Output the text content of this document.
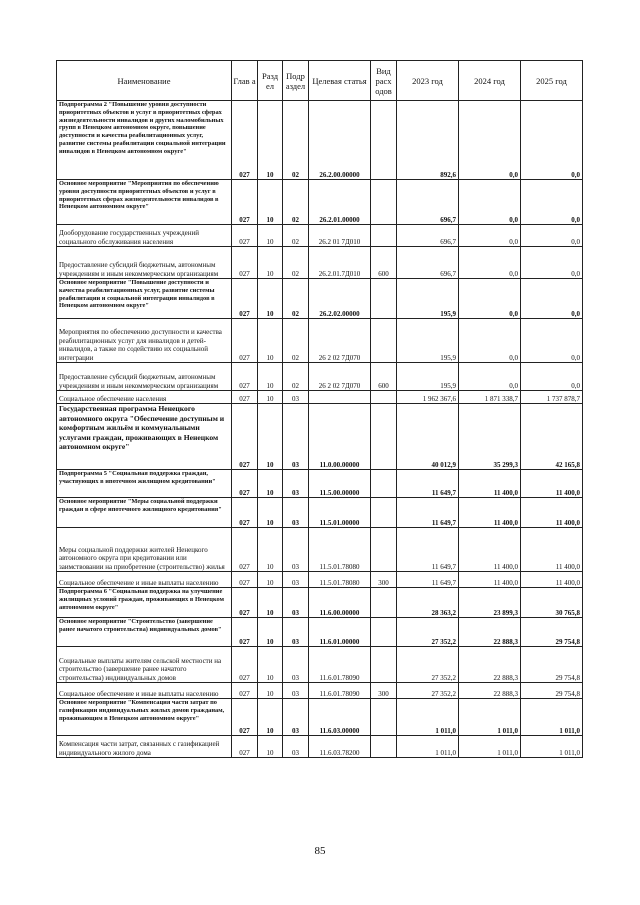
Наименование	Глав а	Разд ел	Подр аздел	Целевая статья	Вид расх одов	2023 год	2024 год	2025 год
Подпрограмма 2 "Повышение уровня доступности приоритетных объектов и услуг в приоритетных сферах жизнедеятельности инвалидов и других маломобильных групп в Ненецком автономном округе, повышение доступности и качества реабилитационных услуг, развитие системы реабилитации социальной интеграции инвалидов в Ненецком автономном округе"	027	10	02	26.2.00.00000		892,6	0,0	0,0
Основное мероприятие "Мероприятия по обеспечению уровня доступности приоритетных объектов и услуг в приоритетных сферах жизнедеятельности инвалидов в Ненецком автономном округе"	027	10	02	26.2.01.00000		696,7	0,0	0,0
Дооборудование государственных учреждений социального обслуживания населения	027	10	02	26.2 01 7Д010		696,7	0,0	0,0
Предоставление субсидий бюджетным, автономным учреждениям и иным некоммерческим организациям	027	10	02	26.2.01.7Д010	600	696,7	0,0	0,0
Основное мероприятие "Повышение доступности и качества реабилитационных услуг, развитие системы реабилитации и социальной интеграции инвалидов в Ненецком автономном округе"	027	10	02	26.2.02.00000		195,9	0,0	0,0
Мероприятия по обеспечению доступности и качества реабилитационных услуг для инвалидов и детей-инвалидов, а также по содействию их социальной интеграции	027	10	02	26 2 02 7Д070		195,9	0,0	0,0
Предоставление субсидий бюджетным, автономным учреждениям и иным некоммерческим организациям	027	10	02	26 2 02 7Д070	600	195,9	0,0	0,0
Социальное обеспечение населения	027	10	03			1 962 367,6	1 871 338,7	1 737 878,7
Государственная программа Ненецкого автономного округа "Обеспечение доступным и комфортным жильём и коммунальными услугами граждан, проживающих в Ненецком автономном округе"	027	10	03	11.0.00.00000		40 012,9	35 299,3	42 165,8
Подпрограмма 5 "Социальная поддержка граждан, участвующих в ипотечном жилищном кредитовании"	027	10	03	11.5.00.00000		11 649,7	11 400,0	11 400,0
Основное мероприятие "Меры социальной поддержки граждан в сфере ипотечного жилищного кредитования"	027	10	03	11.5.01.00000		11 649,7	11 400,0	11 400,0
Меры социальной поддержки жителей Ненецкого автономного округа при кредитовании или заимствовании на приобретение (строительство) жилья	027	10	03	11.5.01.78080		11 649,7	11 400,0	11 400,0
Социальное обеспечение и иные выплаты населению	027	10	03	11.5.01.78080	300	11 649,7	11 400,0	11 400,0
Подпрограмма 6 "Социальная поддержка на улучшение жилищных условий граждан, проживающих в Ненецком автономном округе"	027	10	03	11.6.00.00000		28 363,2	23 899,3	30 765,8
Основное мероприятие "Строительство (завершение ранее начатого строительства) индивидуальных домов"	027	10	03	11.6.01.00000		27 352,2	22 888,3	29 754,8
Социальные выплаты жителям сельской местности на строительство (завершение ранее начатого строительства) индивидуальных домов	027	10	03	11.6.01.78090		27 352,2	22 888,3	29 754,8
Социальное обеспечение и иные выплаты населению	027	10	03	11.6.01.78090	300	27 352,2	22 888,3	29 754,8
Основное мероприятие "Компенсация части затрат по газификации индивидуальных жилых домов гражданам, проживающим в Ненецком автономном округе"	027	10	03	11.6.03.00000		1 011,0	1 011,0	1 011,0
Компенсация части затрат, связанных с газификацией индивидуального жилого дома	027	10	03	11.6.03.78200		1 011,0	1 011,0	1 011,0
85
